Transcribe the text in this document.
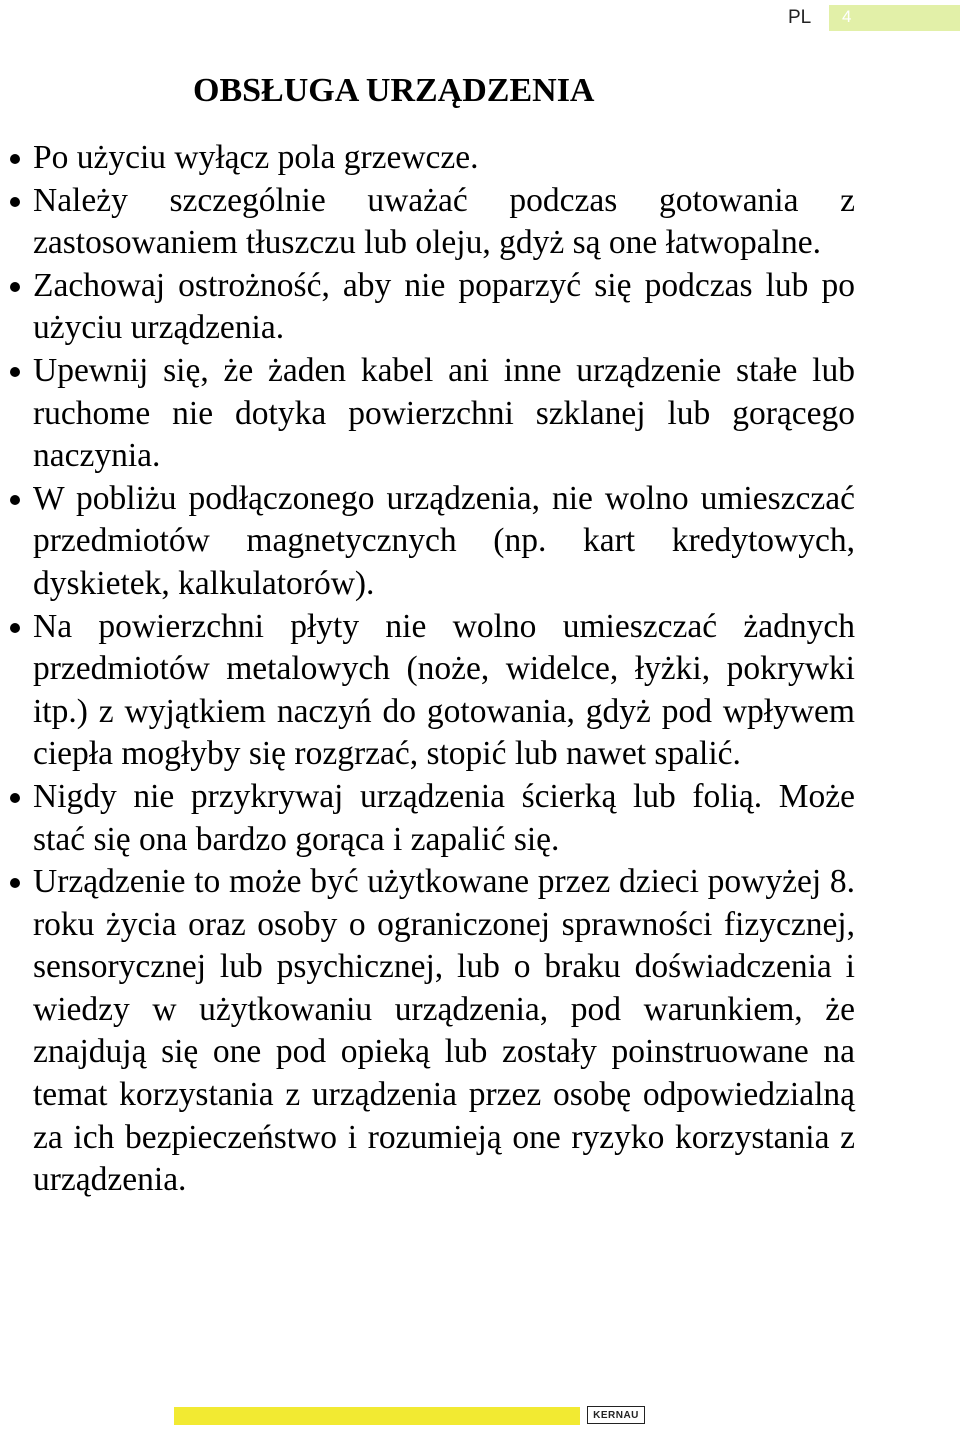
PL 4
OBSŁUGA URZĄDZENIA
Po użyciu wyłącz pola grzewcze.
Należy szczególnie uważać podczas gotowania z zastosowaniem tłuszczu lub oleju, gdyż są one łatwopalne.
Zachowaj ostrożność, aby nie poparzyć się podczas lub po użyciu urządzenia.
Upewnij się, że żaden kabel ani inne urządzenie stałe lub ruchome nie dotyka powierzchni szklanej lub gorącego naczynia.
W pobliżu podłączonego urządzenia, nie wolno umieszczać przedmiotów magnetycznych (np. kart kredytowych, dyskietek, kalkulatorów).
Na powierzchni płyty nie wolno umieszczać żadnych przedmiotów metalowych (noże, widelce, łyżki, pokrywki itp.) z wyjątkiem naczyń do gotowania, gdyż pod wpływem ciepła mogłyby się rozgrzać, stopić lub nawet spalić.
Nigdy nie przykrywaj urządzenia ścierką lub folią. Może stać się ona bardzo gorąca i zapalić się.
Urządzenie to może być użytkowane przez dzieci powyżej 8. roku życia oraz osoby o ograniczonej sprawności fizycznej, sensorycznej lub psychicznej, lub o braku doświadczenia i wiedzy w użytkowaniu urządzenia, pod warunkiem, że znajdują się one pod opieką lub zostały poinstruowane na temat korzystania z urządzenia przez osobę odpowiedzialną za ich bezpieczeństwo i rozumieją one ryzyko korzystania z urządzenia.
KERNAU
